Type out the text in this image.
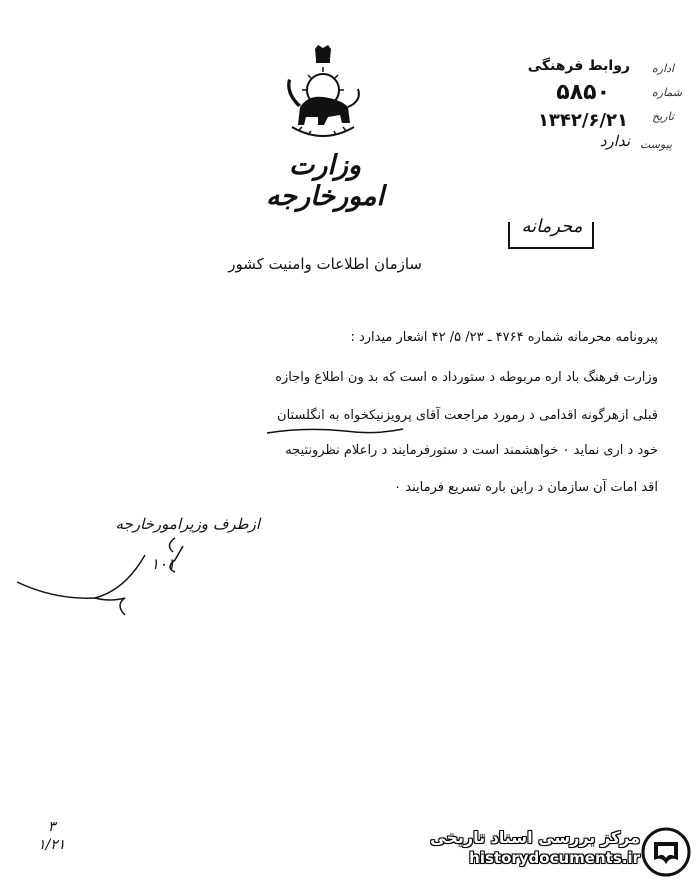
وزارت امورخارجه
اداره
روابط فرهنگی
شماره
۵۸۵۰
تاریخ
۱۳۴۲/۶/۲۱
پیوست
ندارد
محرمانه
سازمان اطلاعات وامنیت کشور
پیرونامه محرمانه شماره ۴۷۶۴ ـ ۲۳/ ۵/ ۴۲ اشعار میدارد :
وزارت فرهنگ باد اره مربوطه د ستورداد ه است که بد ون اطلاع واجازه
قبلی ازهرگونه اقدامی د رمورد مراجعت آقای پرویزنیکخواه به انگلستان
خود د اری نماید ۰ خواهشمند است د ستورفرمایند د راعلام نظرونتیجه
اقد امات آن سازمان د راین باره تسریع فرمایند ۰
ازطرف وزیرامورخارجه
۱۰۱
۳
۱/۲۱	مرکز بررسی اسناد تاریخی
historydocuments.ir
